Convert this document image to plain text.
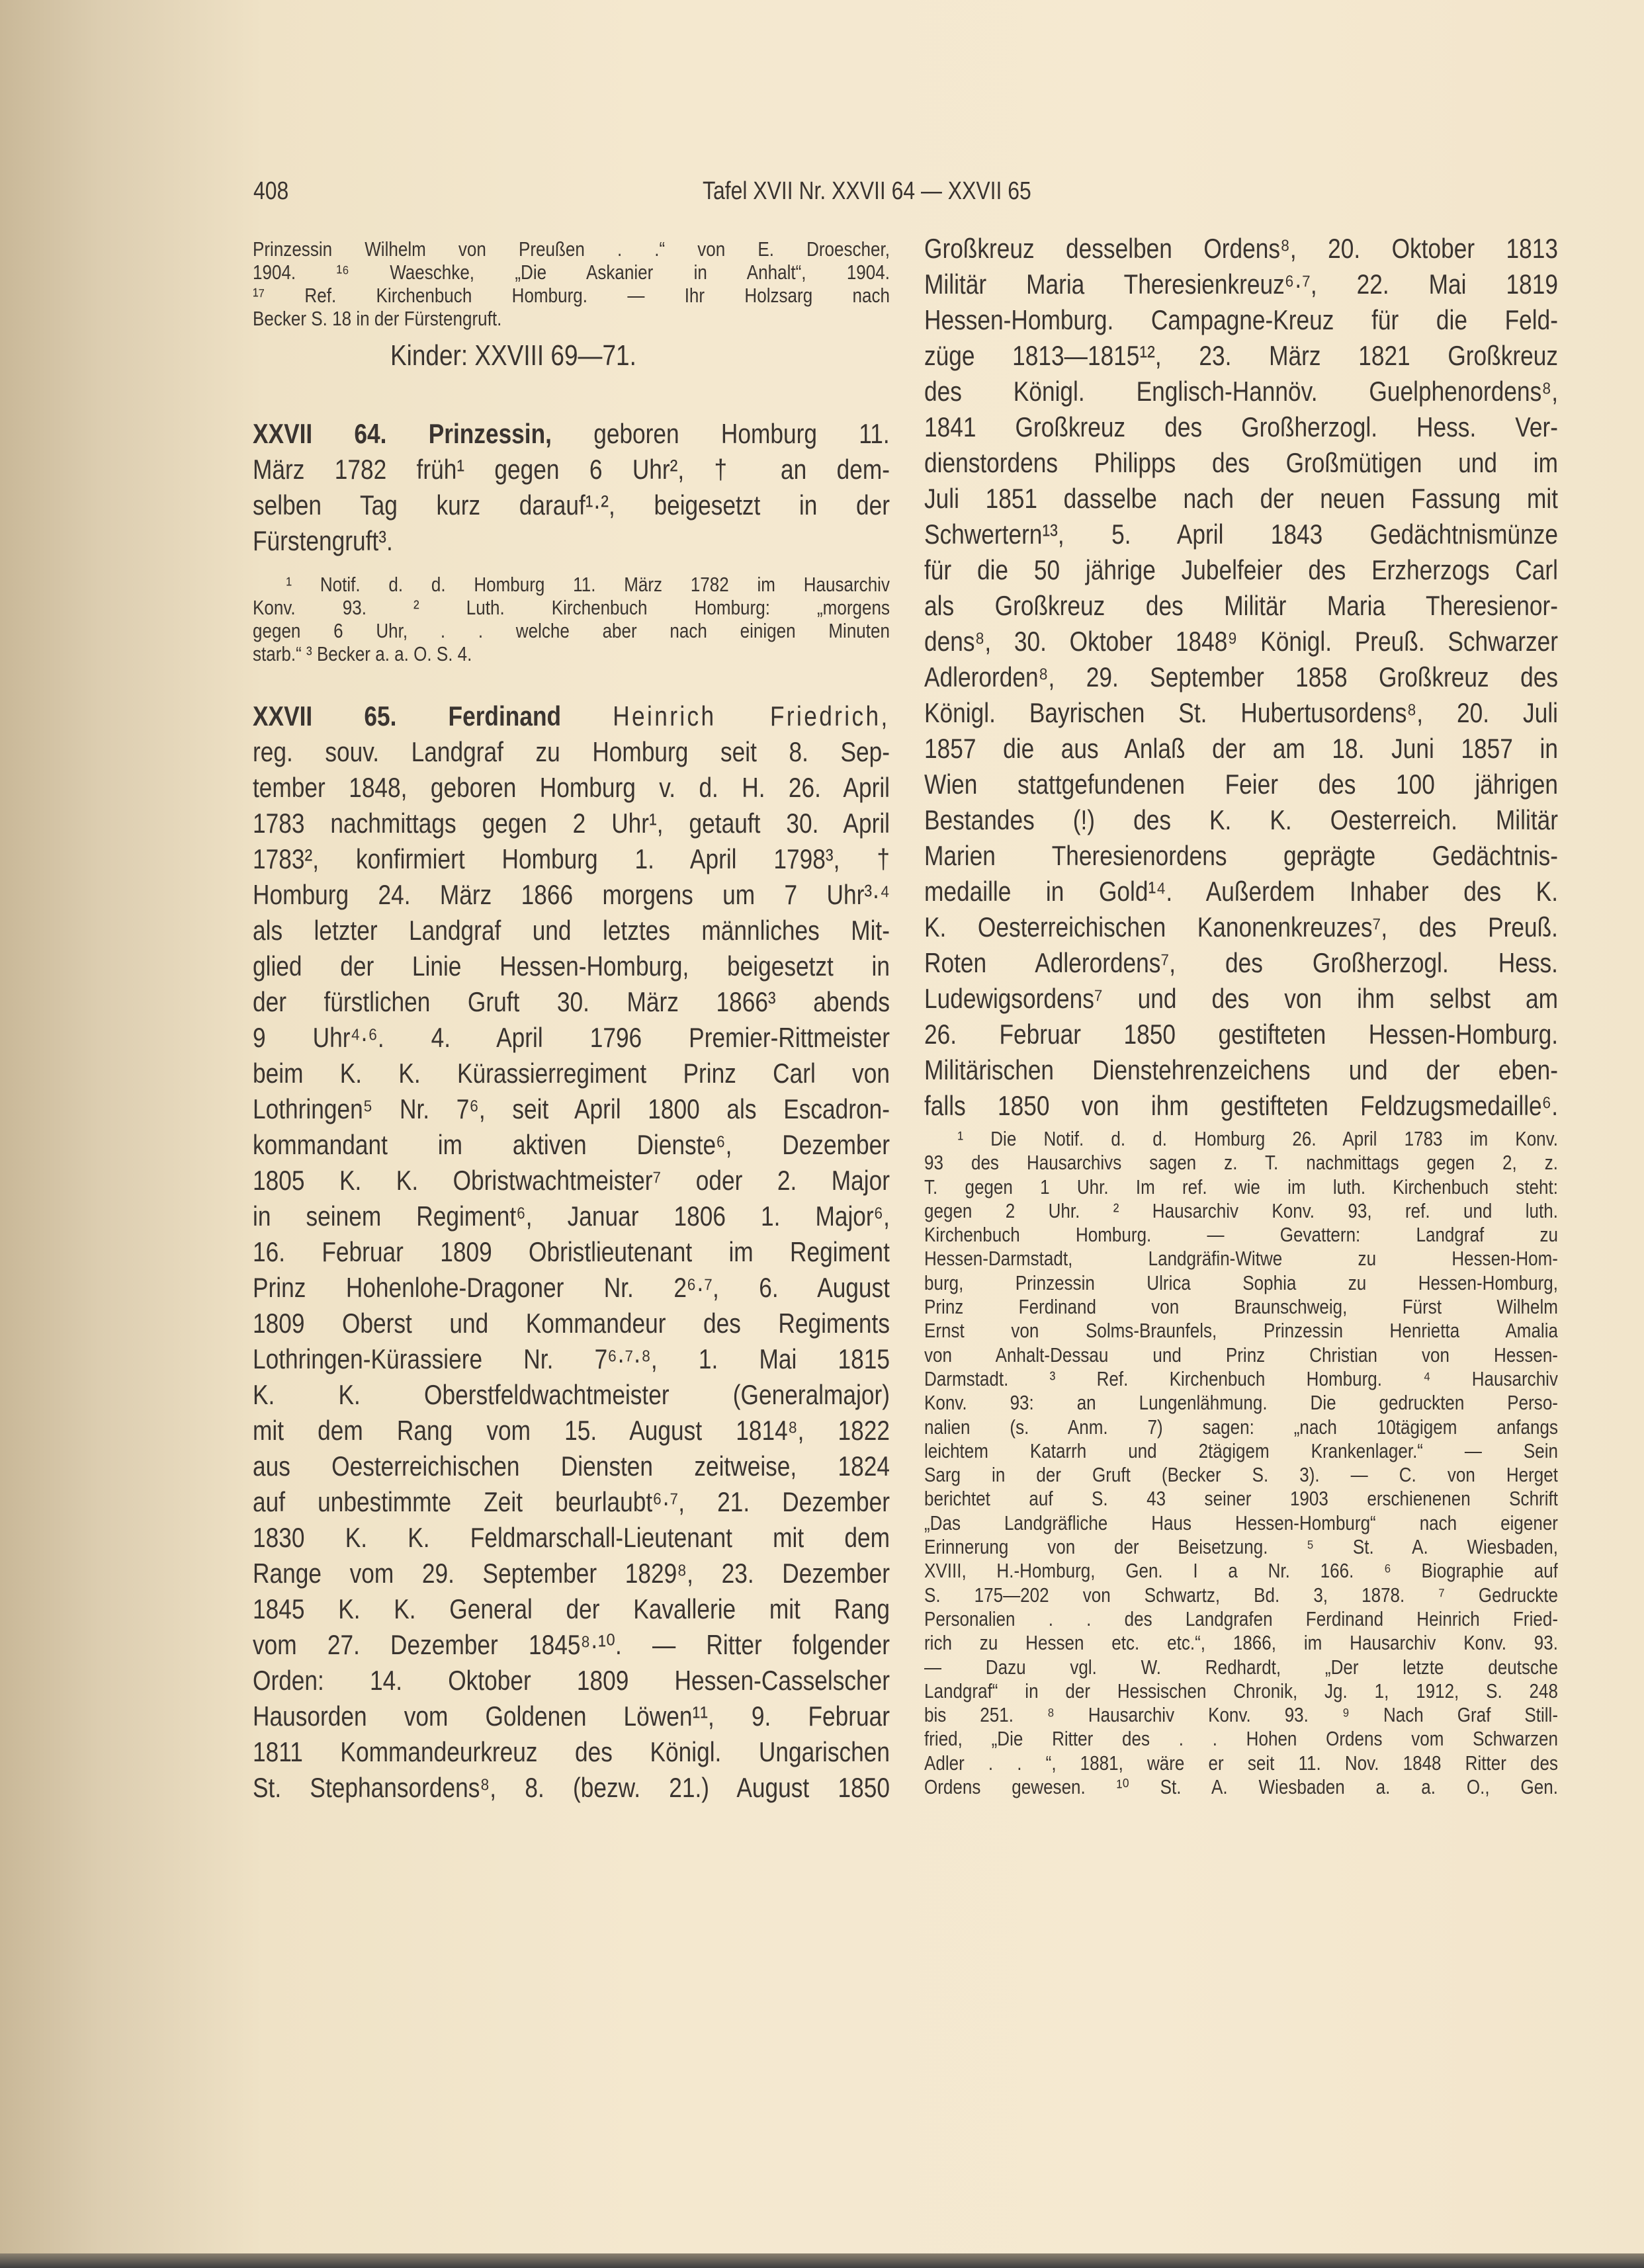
408	Tafel XVII Nr. XXVII 64 — XXVII 65
Prinzessin Wilhelm von Preußen . .“ von E. Droescher,
1904. ¹⁶ Waeschke, „Die Askanier in Anhalt“, 1904.
¹⁷ Ref. Kirchenbuch Homburg. — Ihr Holzsarg nach
Becker S. 18 in der Fürstengruft.
Kinder: XXVIII 69—71.
XXVII 64. Prinzessin, geboren Homburg 11.
März 1782 früh¹ gegen 6 Uhr², † an dem-
selben Tag kurz darauf¹·², beigesetzt in der
Fürstengruft³.
¹ Notif. d. d. Homburg 11. März 1782 im Hausarchiv
Konv. 93. ² Luth. Kirchenbuch Homburg: „morgens
gegen 6 Uhr, . . welche aber nach einigen Minuten
starb.“ ³ Becker a. a. O. S. 4.
XXVII 65. Ferdinand Heinrich Friedrich,
reg. souv. Landgraf zu Homburg seit 8. Sep-
tember 1848, geboren Homburg v. d. H. 26. April
1783 nachmittags gegen 2 Uhr¹, getauft 30. April
1783², konfirmiert Homburg 1. April 1798³, †
Homburg 24. März 1866 morgens um 7 Uhr³·⁴
als letzter Landgraf und letztes männliches Mit-
glied der Linie Hessen-Homburg, beigesetzt in
der fürstlichen Gruft 30. März 1866³ abends
9 Uhr⁴·⁶. 4. April 1796 Premier-Rittmeister
beim K. K. Kürassierregiment Prinz Carl von
Lothringen⁵ Nr. 7⁶, seit April 1800 als Escadron-
kommandant im aktiven Dienste⁶, Dezember
1805 K. K. Obristwachtmeister⁷ oder 2. Major
in seinem Regiment⁶, Januar 1806 1. Major⁶,
16. Februar 1809 Obristlieutenant im Regiment
Prinz Hohenlohe-Dragoner Nr. 2⁶·⁷, 6. August
1809 Oberst und Kommandeur des Regiments
Lothringen-Kürassiere Nr. 7⁶·⁷·⁸, 1. Mai 1815
K. K. Oberstfeldwachtmeister (Generalmajor)
mit dem Rang vom 15. August 1814⁸, 1822
aus Oesterreichischen Diensten zeitweise, 1824
auf unbestimmte Zeit beurlaubt⁶·⁷, 21. Dezember
1830 K. K. Feldmarschall-Lieutenant mit dem
Range vom 29. September 1829⁸, 23. Dezember
1845 K. K. General der Kavallerie mit Rang
vom 27. Dezember 1845⁸·¹⁰. — Ritter folgender
Orden: 14. Oktober 1809 Hessen-Casselscher
Hausorden vom Goldenen Löwen¹¹, 9. Februar
1811 Kommandeurkreuz des Königl. Ungarischen
St. Stephansordens⁸, 8. (bezw. 21.) August 1850
Großkreuz desselben Ordens⁸, 20. Oktober 1813
Militär Maria Theresienkreuz⁶·⁷, 22. Mai 1819
Hessen-Homburg. Campagne-Kreuz für die Feld-
züge 1813—1815¹², 23. März 1821 Großkreuz
des Königl. Englisch-Hannöv. Guelphenordens⁸,
1841 Großkreuz des Großherzogl. Hess. Ver-
dienstordens Philipps des Großmütigen und im
Juli 1851 dasselbe nach der neuen Fassung mit
Schwertern¹³, 5. April 1843 Gedächtnismünze
für die 50 jährige Jubelfeier des Erzherzogs Carl
als Großkreuz des Militär Maria Theresienor-
dens⁸, 30. Oktober 1848⁹ Königl. Preuß. Schwarzer
Adlerorden⁸, 29. September 1858 Großkreuz des
Königl. Bayrischen St. Hubertusordens⁸, 20. Juli
1857 die aus Anlaß der am 18. Juni 1857 in
Wien stattgefundenen Feier des 100 jährigen
Bestandes (!) des K. K. Oesterreich. Militär
Marien Theresienordens geprägte Gedächtnis-
medaille in Gold¹⁴. Außerdem Inhaber des K.
K. Oesterreichischen Kanonenkreuzes⁷, des Preuß.
Roten Adlerordens⁷, des Großherzogl. Hess.
Ludewigsordens⁷ und des von ihm selbst am
26. Februar 1850 gestifteten Hessen-Homburg.
Militärischen Dienstehrenzeichens und der eben-
falls 1850 von ihm gestifteten Feldzugsmedaille⁶.
¹ Die Notif. d. d. Homburg 26. April 1783 im Konv.
93 des Hausarchivs sagen z. T. nachmittags gegen 2, z.
T. gegen 1 Uhr. Im ref. wie im luth. Kirchenbuch steht:
gegen 2 Uhr. ² Hausarchiv Konv. 93, ref. und luth.
Kirchenbuch Homburg. — Gevattern: Landgraf zu
Hessen-Darmstadt, Landgräfin-Witwe zu Hessen-Hom-
burg, Prinzessin Ulrica Sophia zu Hessen-Homburg,
Prinz Ferdinand von Braunschweig, Fürst Wilhelm
Ernst von Solms-Braunfels, Prinzessin Henrietta Amalia
von Anhalt-Dessau und Prinz Christian von Hessen-
Darmstadt. ³ Ref. Kirchenbuch Homburg. ⁴ Hausarchiv
Konv. 93: an Lungenlähmung. Die gedruckten Perso-
nalien (s. Anm. 7) sagen: „nach 10tägigem anfangs
leichtem Katarrh und 2tägigem Krankenlager.“ — Sein
Sarg in der Gruft (Becker S. 3). — C. von Herget
berichtet auf S. 43 seiner 1903 erschienenen Schrift
„Das Landgräfliche Haus Hessen-Homburg“ nach eigener
Erinnerung von der Beisetzung. ⁵ St. A. Wiesbaden,
XVIII, H.-Homburg, Gen. I a Nr. 166. ⁶ Biographie auf
S. 175—202 von Schwartz, Bd. 3, 1878. ⁷ Gedruckte
Personalien . . des Landgrafen Ferdinand Heinrich Fried-
rich zu Hessen etc. etc.“, 1866, im Hausarchiv Konv. 93.
— Dazu vgl. W. Redhardt, „Der letzte deutsche
Landgraf“ in der Hessischen Chronik, Jg. 1, 1912, S. 248
bis 251. ⁸ Hausarchiv Konv. 93. ⁹ Nach Graf Still-
fried, „Die Ritter des . . Hohen Ordens vom Schwarzen
Adler . . “, 1881, wäre er seit 11. Nov. 1848 Ritter des
Ordens gewesen. ¹⁰ St. A. Wiesbaden a. a. O., Gen.
